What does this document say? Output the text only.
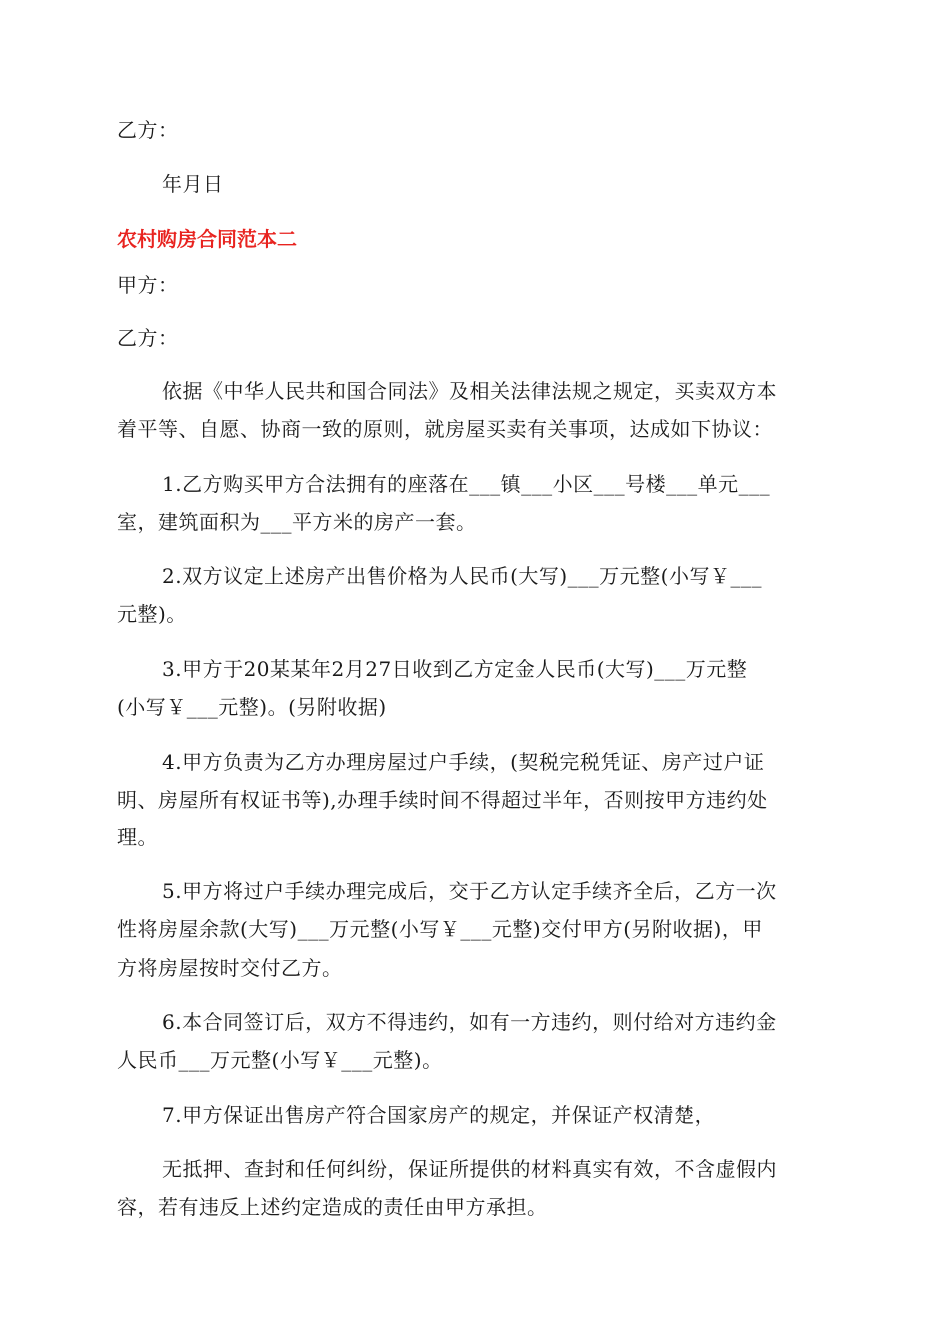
乙方：

年月日

农村购房合同范本二

甲方：

乙方：

依据《中华人民共和国合同法》及相关法律法规之规定，买卖双方本

着平等、自愿、协商一致的原则，就房屋买卖有关事项，达成如下协议：

1.乙方购买甲方合法拥有的座落在___镇___小区___号楼___单元___

室，建筑面积为___平方米的房产一套。

2.双方议定上述房产出售价格为人民币(大写)___万元整(小写￥___

元整)。

3.甲方于20某某年2月27日收到乙方定金人民币(大写)___万元整

(小写￥___元整)。(另附收据)

4.甲方负责为乙方办理房屋过户手续，(契税完税凭证、房产过户证

明、房屋所有权证书等),办理手续时间不得超过半年，否则按甲方违约处

理。

5.甲方将过户手续办理完成后，交于乙方认定手续齐全后，乙方一次

性将房屋余款(大写)___万元整(小写￥___元整)交付甲方(另附收据)，甲

方将房屋按时交付乙方。

6.本合同签订后，双方不得违约，如有一方违约，则付给对方违约金

人民币___万元整(小写￥___元整)。

7.甲方保证出售房产符合国家房产的规定，并保证产权清楚，

无抵押、查封和任何纠纷，保证所提供的材料真实有效，不含虚假内

容，若有违反上述约定造成的责任由甲方承担。
